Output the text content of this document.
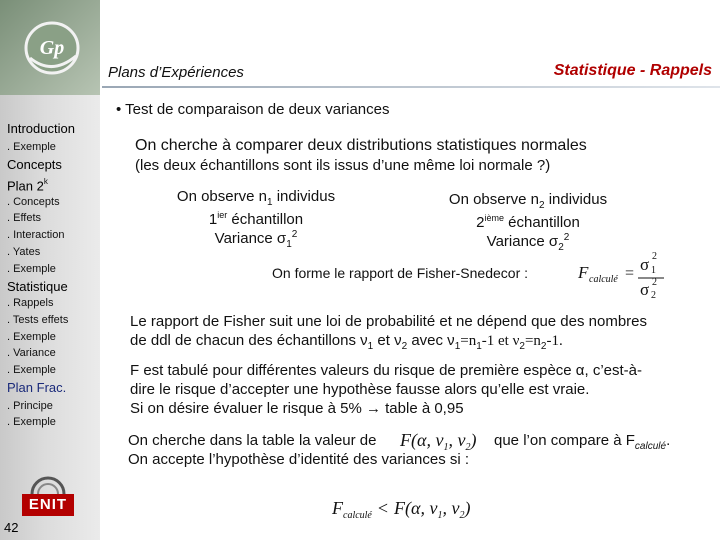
Gp
Introduction
. Exemple
Concepts
Plan 2$^k$
. Concepts
. Effets
. Interaction
. Yates
. Exemple
Statistique
. Rappels
. Tests effets
. Exemple
. Variance
. Exemple
Plan Frac.
. Principe
. Exemple
ENIT
42
Plans d’Expériences	Statistique - Rappels
• Test de comparaison de deux variances
On cherche à comparer deux distributions statistiques normales
(les deux échantillons sont ils issus d’une même loi normale ?)
On observe $n_1$ individus
$1^{ier}$ échantillon
Variance $\sigma_1^2$
On observe $n_2$ individus
2ième échantillon
Variance $\sigma_2^2$
On forme le rapport de Fisher-Snedecor :	F calculé = σ 1
2
σ 2
2
Le rapport de Fisher suit une loi de probabilité et ne dépend que des nombres
de ddl de chacun des échantillons $\nu_1$ et $\nu_2$ avec $\nu_1=n_1-1$ et $\nu_2=n_2-1$.
F est tabulé pour différentes valeurs du risque de première espèce α, c’est-à-
dire le risque d’accepter une hypothèse fausse alors qu’elle est vraie.
Si on désire évaluer le risque à 5% → table à 0,95
On cherche dans la table la valeur de F(α, $\nu_1$, $\nu_2$) que l’on compare à $F_{calculé}$.
On accepte l’hypothèse d’identité des variances si :
$F_{calculé} < F(\alpha$, $\nu_1$, $\nu_2$)
